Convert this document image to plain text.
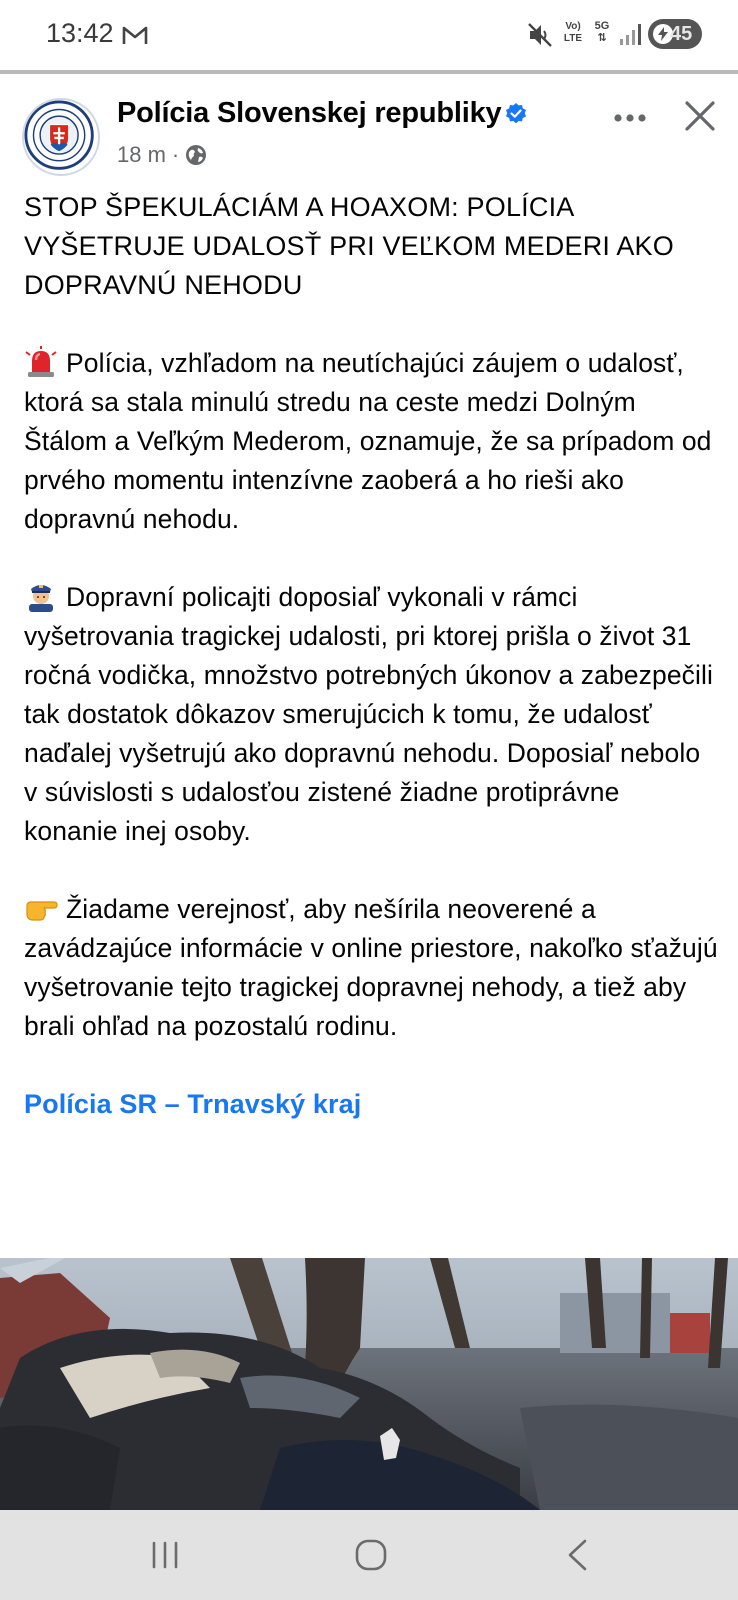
13:42	Vo)
LTE
5G
⇅	45
Polícia Slovenskej republiky
18 m ·
STOP ŠPEKULÁCIÁM A HOAXOM: POLÍCIA VYŠETRUJE UDALOSŤ PRI VEĽKOM MEDERI AKO DOPRAVNÚ NEHODU
Polícia, vzhľadom na neutíchajúci záujem o udalosť, ktorá sa stala minulú stredu na ceste medzi Dolným Štálom a Veľkým Mederom, oznamuje, že sa prípadom od prvého momentu intenzívne zaoberá a ho rieši ako dopravnú nehodu.
Dopravní policajti doposiaľ vykonali v rámci vyšetrovania tragickej udalosti, pri ktorej prišla o život 31 ročná vodička, množstvo potrebných úkonov a zabezpečili tak dostatok dôkazov smerujúcich k tomu, že udalosť naďalej vyšetrujú ako dopravnú nehodu. Doposiaľ nebolo v súvislosti s udalosťou zistené žiadne protiprávne konanie inej osoby.
Žiadame verejnosť, aby nešírila neoverené a zavádzajúce informácie v online priestore, nakoľko sťažujú vyšetrovanie tejto tragickej dopravnej nehody, a tiež aby brali ohľad na pozostalú rodinu.
Polícia SR – Trnavský kraj
